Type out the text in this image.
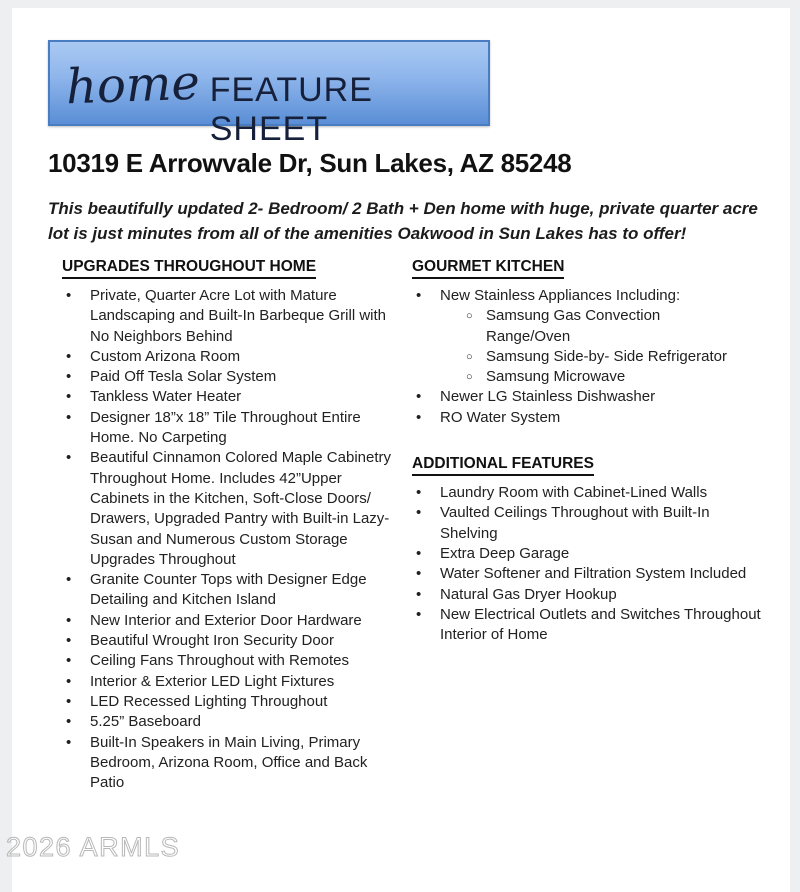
home FEATURE SHEET
10319 E Arrowvale Dr, Sun Lakes, AZ 85248

This beautifully updated 2- Bedroom/ 2 Bath + Den home with huge, private quarter acre
lot is just minutes from all of the amenities Oakwood in Sun Lakes has to offer!

UPGRADES THROUGHOUT HOME
• Private, Quarter Acre Lot with Mature Landscaping and Built-In Barbeque Grill with No Neighbors Behind
• Custom Arizona Room
• Paid Off Tesla Solar System
• Tankless Water Heater
• Designer 18”x 18” Tile Throughout Entire Home. No Carpeting
• Beautiful Cinnamon Colored Maple Cabinetry Throughout Home. Includes 42”Upper Cabinets in the Kitchen, Soft-Close Doors/ Drawers, Upgraded Pantry with Built-in Lazy-Susan and Numerous Custom Storage Upgrades Throughout
• Granite Counter Tops with Designer Edge Detailing and Kitchen Island
• New Interior and Exterior Door Hardware
• Beautiful Wrought Iron Security Door
• Ceiling Fans Throughout with Remotes
• Interior & Exterior LED Light Fixtures
• LED Recessed Lighting Throughout
• 5.25” Baseboard
• Built-In Speakers in Main Living, Primary Bedroom, Arizona Room, Office and Back Patio
GOURMET KITCHEN
• New Stainless Appliances Including:
○ Samsung Gas Convection Range/Oven
○ Samsung Side-by- Side Refrigerator
○ Samsung Microwave
• Newer LG Stainless Dishwasher
• RO Water System
ADDITIONAL FEATURES
• Laundry Room with Cabinet-Lined Walls
• Vaulted Ceilings Throughout with Built-In Shelving
• Extra Deep Garage
• Water Softener and Filtration System Included
• Natural Gas Dryer Hookup
• New Electrical Outlets and Switches Throughout Interior of Home
2026 ARMLS
